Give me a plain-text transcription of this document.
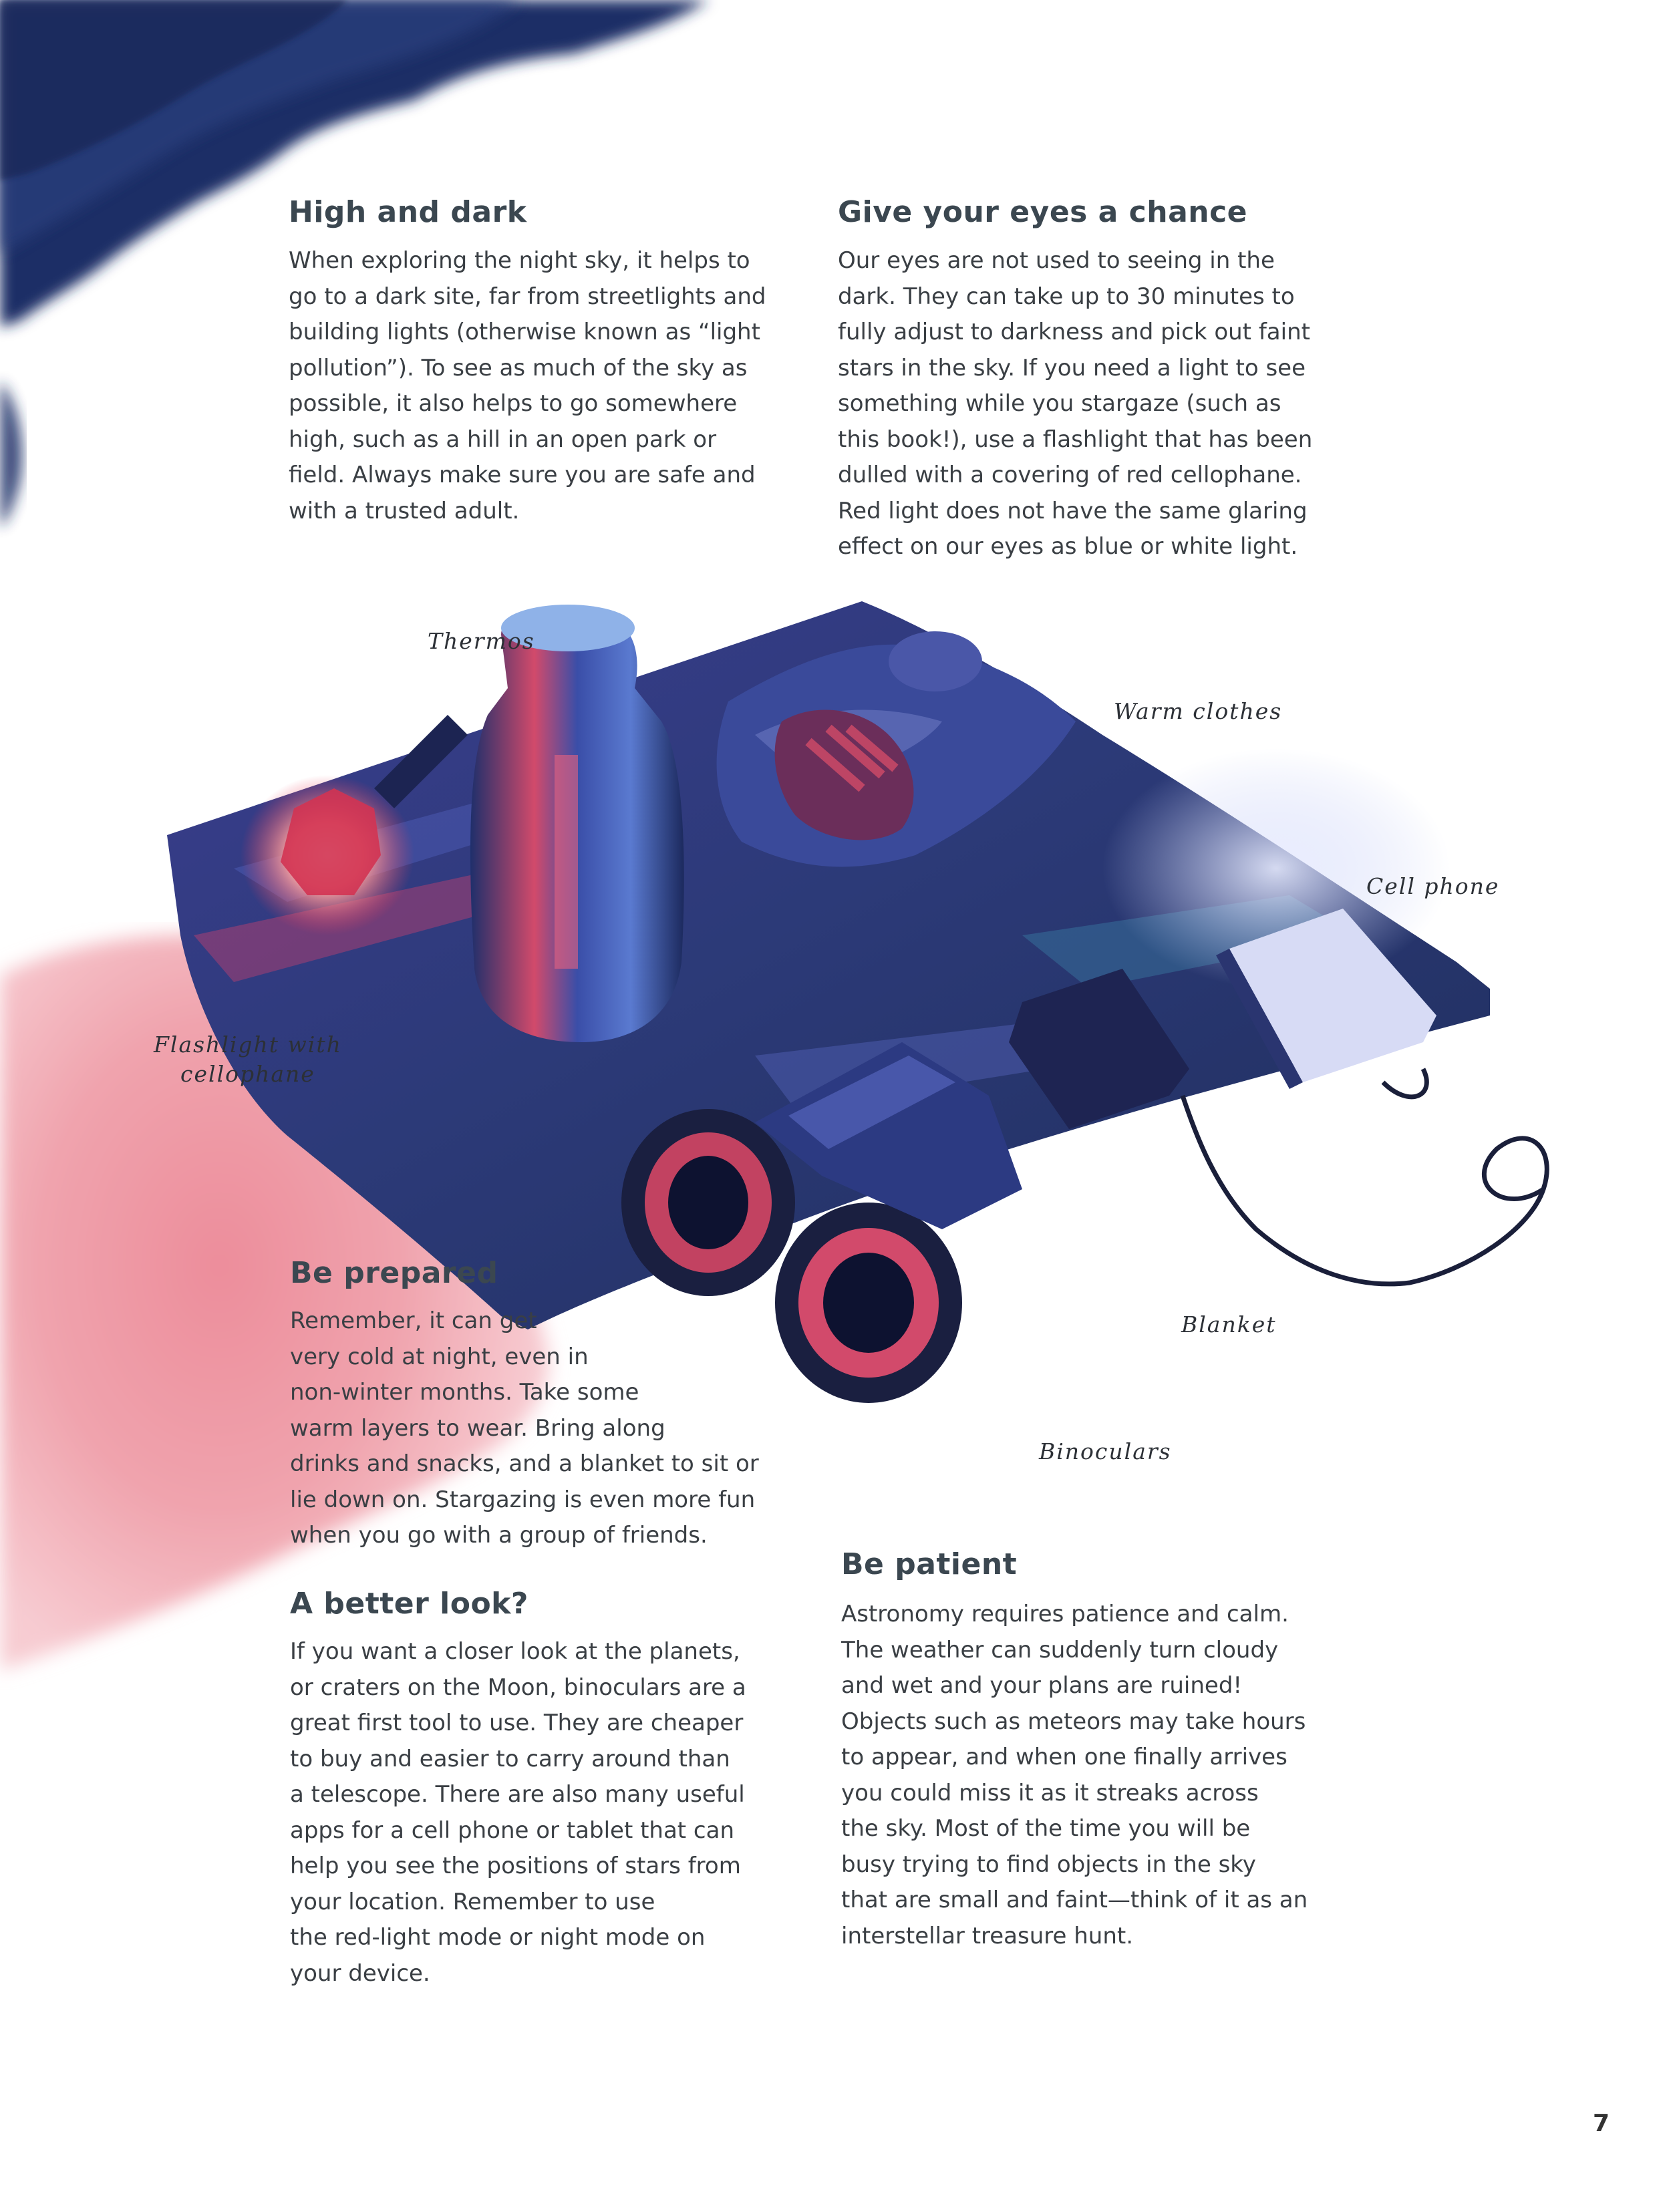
Thermos

Warm clothes

Cell phone

Flashlight with
cellophane

Blanket

Binoculars

High and dark
When exploring the night sky, it helps to
go to a dark site, far from streetlights and
building lights (otherwise known as “light
pollution”). To see as much of the sky as
possible, it also helps to go somewhere
high, such as a hill in an open park or
field. Always make sure you are safe and
with a trusted adult.
Give your eyes a chance
Our eyes are not used to seeing in the
dark. They can take up to 30 minutes to
fully adjust to darkness and pick out faint
stars in the sky. If you need a light to see
something while you stargaze (such as
this book!), use a flashlight that has been
dulled with a covering of red cellophane.
Red light does not have the same glaring
effect on our eyes as blue or white light.
Be prepared
Remember, it can get
very cold at night, even in
non-winter months. Take some
warm layers to wear. Bring along
drinks and snacks, and a blanket to sit or
lie down on. Stargazing is even more fun
when you go with a group of friends.
A better look?
If you want a closer look at the planets,
or craters on the Moon, binoculars are a
great first tool to use. They are cheaper
to buy and easier to carry around than
a telescope. There are also many useful
apps for a cell phone or tablet that can
help you see the positions of stars from
your location. Remember to use
the red-light mode or night mode on
your device.
Be patient
Astronomy requires patience and calm.
The weather can suddenly turn cloudy
and wet and your plans are ruined!
Objects such as meteors may take hours
to appear, and when one finally arrives
you could miss it as it streaks across
the sky. Most of the time you will be
busy trying to find objects in the sky
that are small and faint—think of it as an
interstellar treasure hunt.
7
